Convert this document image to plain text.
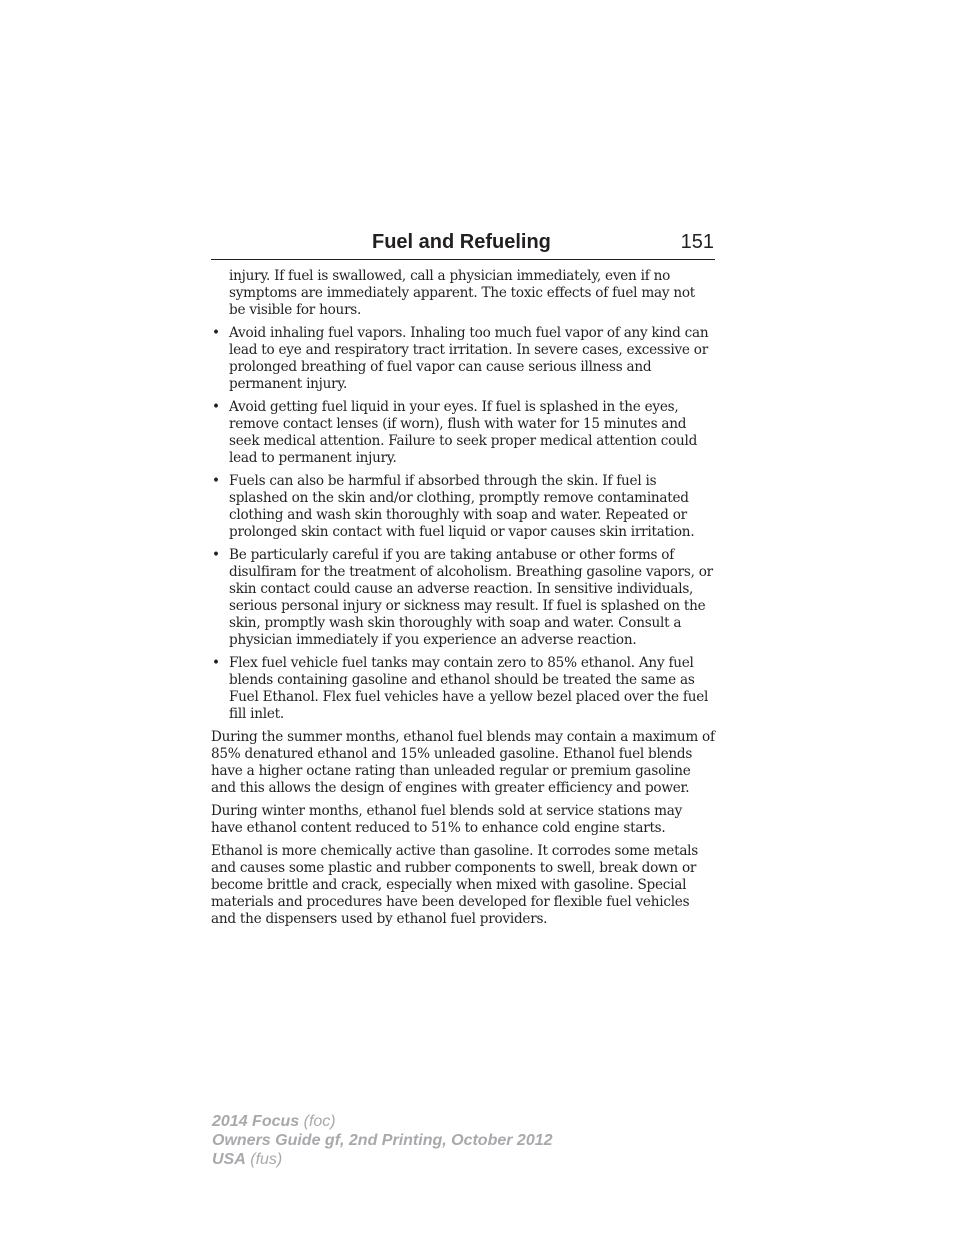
Fuel and Refueling	151

injury. If fuel is swallowed, call a physician immediately, even if no symptoms are immediately apparent. The toxic effects of fuel may not be visible for hours.

• Avoid inhaling fuel vapors. Inhaling too much fuel vapor of any kind can lead to eye and respiratory tract irritation. In severe cases, excessive or prolonged breathing of fuel vapor can cause serious illness and permanent injury.
• Avoid getting fuel liquid in your eyes. If fuel is splashed in the eyes, remove contact lenses (if worn), flush with water for 15 minutes and seek medical attention. Failure to seek proper medical attention could lead to permanent injury.
• Fuels can also be harmful if absorbed through the skin. If fuel is splashed on the skin and/or clothing, promptly remove contaminated clothing and wash skin thoroughly with soap and water. Repeated or prolonged skin contact with fuel liquid or vapor causes skin irritation.
• Be particularly careful if you are taking antabuse or other forms of disulfiram for the treatment of alcoholism. Breathing gasoline vapors, or skin contact could cause an adverse reaction. In sensitive individuals, serious personal injury or sickness may result. If fuel is splashed on the skin, promptly wash skin thoroughly with soap and water. Consult a physician immediately if you experience an adverse reaction.
• Flex fuel vehicle fuel tanks may contain zero to 85% ethanol. Any fuel blends containing gasoline and ethanol should be treated the same as Fuel Ethanol. Flex fuel vehicles have a yellow bezel placed over the fuel fill inlet.

During the summer months, ethanol fuel blends may contain a maximum of 85% denatured ethanol and 15% unleaded gasoline. Ethanol fuel blends have a higher octane rating than unleaded regular or premium gasoline and this allows the design of engines with greater efficiency and power.

During winter months, ethanol fuel blends sold at service stations may have ethanol content reduced to 51% to enhance cold engine starts.

Ethanol is more chemically active than gasoline. It corrodes some metals and causes some plastic and rubber components to swell, break down or become brittle and crack, especially when mixed with gasoline. Special materials and procedures have been developed for flexible fuel vehicles and the dispensers used by ethanol fuel providers.

2014 Focus (foc)
Owners Guide gf, 2nd Printing, October 2012
USA (fus)
